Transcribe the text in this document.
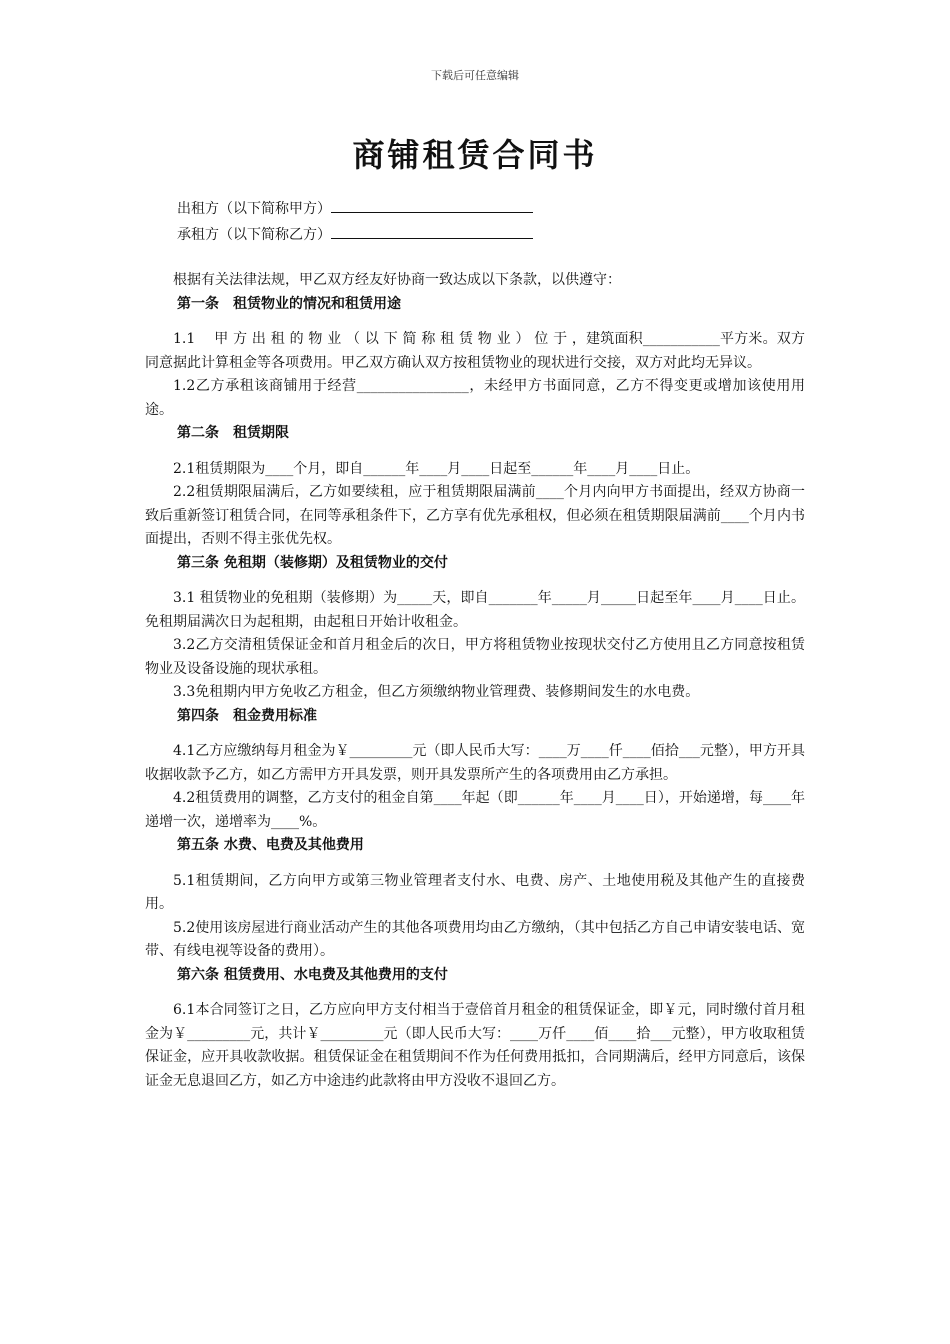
下载后可任意编辑
商铺租赁合同书
出租方（以下简称甲方）
承租方（以下简称乙方）
根据有关法律法规，甲乙双方经友好协商一致达成以下条款，以供遵守：
第一条　租赁物业的情况和租赁用途
1.1　 甲 方 出 租 的 物 业 （ 以 下 简 称 租 赁 物 业 ） 位 于 ，建筑面积___________平方米。双方同意据此计算租金等各项费用。甲乙双方确认双方按租赁物业的现状进行交接，双方对此均无异议。
1.2乙方承租该商铺用于经营________________，未经甲方书面同意，乙方不得变更或增加该使用用途。
第二条　租赁期限
2.1租赁期限为____个月，即自______年____月____日起至______年____月____日止。
2.2租赁期限届满后，乙方如要续租，应于租赁期限届满前____个月内向甲方书面提出，经双方协商一致后重新签订租赁合同，在同等承租条件下，乙方享有优先承租权，但必须在租赁期限届满前____个月内书面提出，否则不得主张优先权。
第三条 免租期（装修期）及租赁物业的交付
3.1 租赁物业的免租期（装修期）为_____天，即自_______年_____月_____日起至年____月____日止。免租期届满次日为起租期，由起租日开始计收租金。
3.2乙方交清租赁保证金和首月租金后的次日，甲方将租赁物业按现状交付乙方使用且乙方同意按租赁物业及设备设施的现状承租。
3.3免租期内甲方免收乙方租金，但乙方须缴纳物业管理费、装修期间发生的水电费。
第四条　租金费用标准
4.1乙方应缴纳每月租金为￥_________元（即人民币大写：____万____仟____佰拾___元整），甲方开具收据收款予乙方，如乙方需甲方开具发票，则开具发票所产生的各项费用由乙方承担。
4.2租赁费用的调整，乙方支付的租金自第____年起（即______年____月____日），开始递增，每____年递增一次，递增率为____%。
第五条 水费、电费及其他费用
5.1租赁期间，乙方向甲方或第三物业管理者支付水、电费、房产、土地使用税及其他产生的直接费用。
5.2使用该房屋进行商业活动产生的其他各项费用均由乙方缴纳，（其中包括乙方自己申请安装电话、宽带、有线电视等设备的费用）。
第六条 租赁费用、水电费及其他费用的支付
6.1本合同签订之日，乙方应向甲方支付相当于壹倍首月租金的租赁保证金，即￥元，同时缴付首月租金为￥_________元，共计￥_________元（即人民币大写：____万仟____佰____拾___元整），甲方收取租赁保证金，应开具收款收据。租赁保证金在租赁期间不作为任何费用抵扣，合同期满后，经甲方同意后，该保证金无息退回乙方，如乙方中途违约此款将由甲方没收不退回乙方。
